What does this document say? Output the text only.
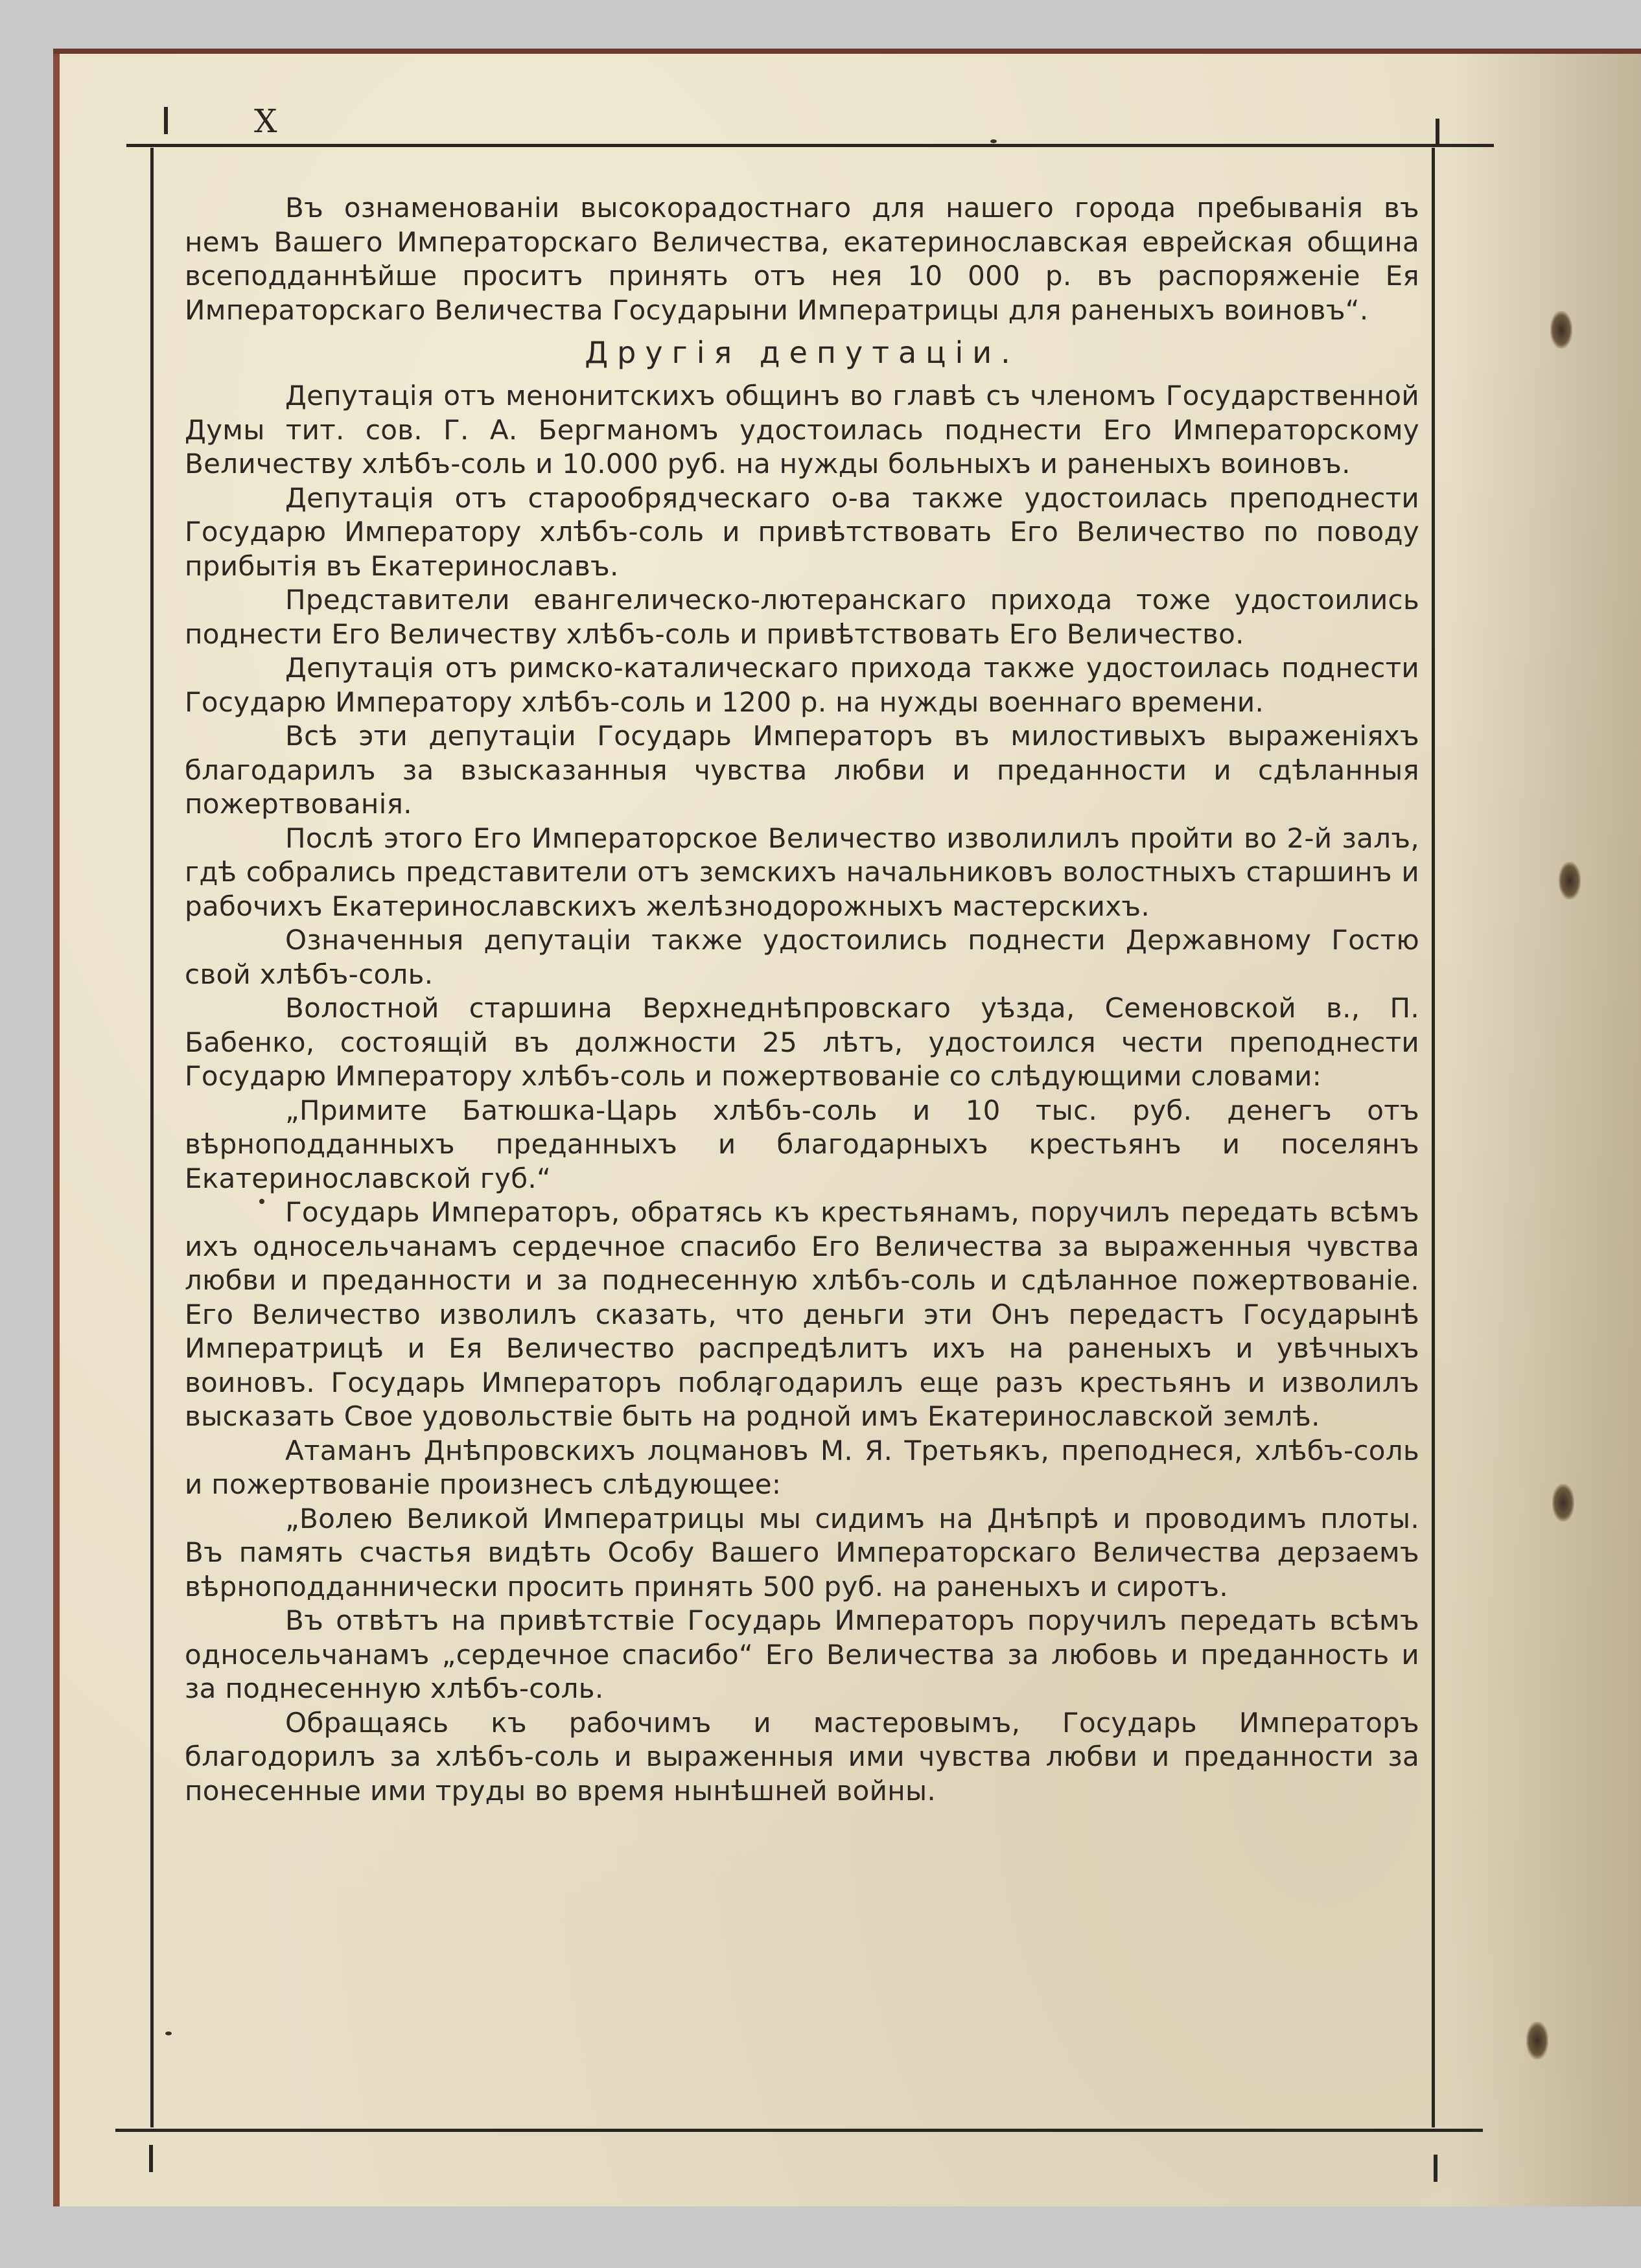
X

Въ ознаменованіи высокорадостнаго для нашего города пребыванія въ немъ Вашего Императорскаго Величества, екатериноcлавская еврейская община всеподданнѣйше проситъ принять отъ нея 10 000 р. въ распоряженіе Ея Императорскаго Величества Государыни Императрицы для раненыхъ воиновъ“.

Другія депутаціи.

Депутація отъ менонитскихъ общинъ во главѣ съ членомъ Государственной Думы тит. сов. Г. А. Бергманомъ удостоилась поднести Его Императорскому Величеству хлѣбъ-соль и 10.000 руб. на нужды больныхъ и раненыхъ воиновъ.

Депутація отъ старообрядческаго о-ва также удостоилась преподнести Государю Императору хлѣбъ-соль и привѣтствовать Его Величество по поводу прибытія въ Екатеринославъ.

Представители евангелическо-лютеранскаго прихода тоже удостоились поднести Его Величеству хлѣбъ-соль и привѣтствовать Его Величество.

Депутація отъ римско-каталическаго прихода также удостоилась поднести Государю Императору хлѣбъ-соль и 1200 р. на нужды военнаго времени.

Всѣ эти депутаціи Государь Императоръ въ милостивыхъ выраженіяхъ благодарилъ за взысказанныя чувства любви и преданности и сдѣланныя пожертвованія.

Послѣ этого Его Императорское Величество изволилилъ пройти во 2-й залъ, гдѣ собрались представители отъ земскихъ начальниковъ волостныхъ старшинъ и рабочихъ Екатеринославскихъ желѣзнодорожныхъ мастерскихъ.

Означенныя депутаціи также удостоились поднести Державному Гостю свой хлѣбъ-соль.

Волостной старшина Верхнеднѣпровскаго уѣзда, Семеновской в., П. Бабенко, состоящій въ должности 25 лѣтъ, удостоился чести преподнести Государю Императору хлѣбъ-соль и пожертвованіе со слѣдующими словами:

„Примите Батюшка-Царь хлѣбъ-соль и 10 тыс. руб. денегъ отъ вѣрноподданныхъ преданныхъ и благодарныхъ крестьянъ и поселянъ Екатеринославской губ.“

Государь Императоръ, обратясь къ крестьянамъ, поручилъ передать всѣмъ ихъ односельчанамъ сердечное спасибо Его Величества за выраженныя чувства любви и преданности и за поднесенную хлѣбъ-соль и сдѣланное пожертвованіе. Его Величество изволилъ сказать, что деньги эти Онъ передастъ Государынѣ Императрицѣ и Ея Величество распредѣлитъ ихъ на раненыхъ и увѣчныхъ воиновъ. Государь Императоръ поблагодарилъ еще разъ крестьянъ и изволилъ высказать Свое удовольствіе быть на родной имъ Екатеринославской землѣ.

Атаманъ Днѣпровскихъ лоцмановъ М. Я. Третьякъ, преподнеся, хлѣбъ-соль и пожертвованіе произнесъ слѣдующее:

„Волею Великой Императрицы мы сидимъ на Днѣпрѣ и проводимъ плоты. Въ память счастья видѣть Особу Вашего Императорскаго Величества дерзаемъ вѣрноподданнически просить принять 500 руб. на раненыхъ и сиротъ.

Въ отвѣтъ на привѣтствіе Государь Императоръ поручилъ передать всѣмъ односельчанамъ „сердечное спасибо“ Его Величества за любовь и преданность и за поднесенную хлѣбъ-соль.

Обращаясь къ рабочимъ и мастеровымъ, Государь Императоръ благодорилъ за хлѣбъ-соль и выраженныя ими чувства любви и преданности за понесенные ими труды во время нынѣшней войны.
